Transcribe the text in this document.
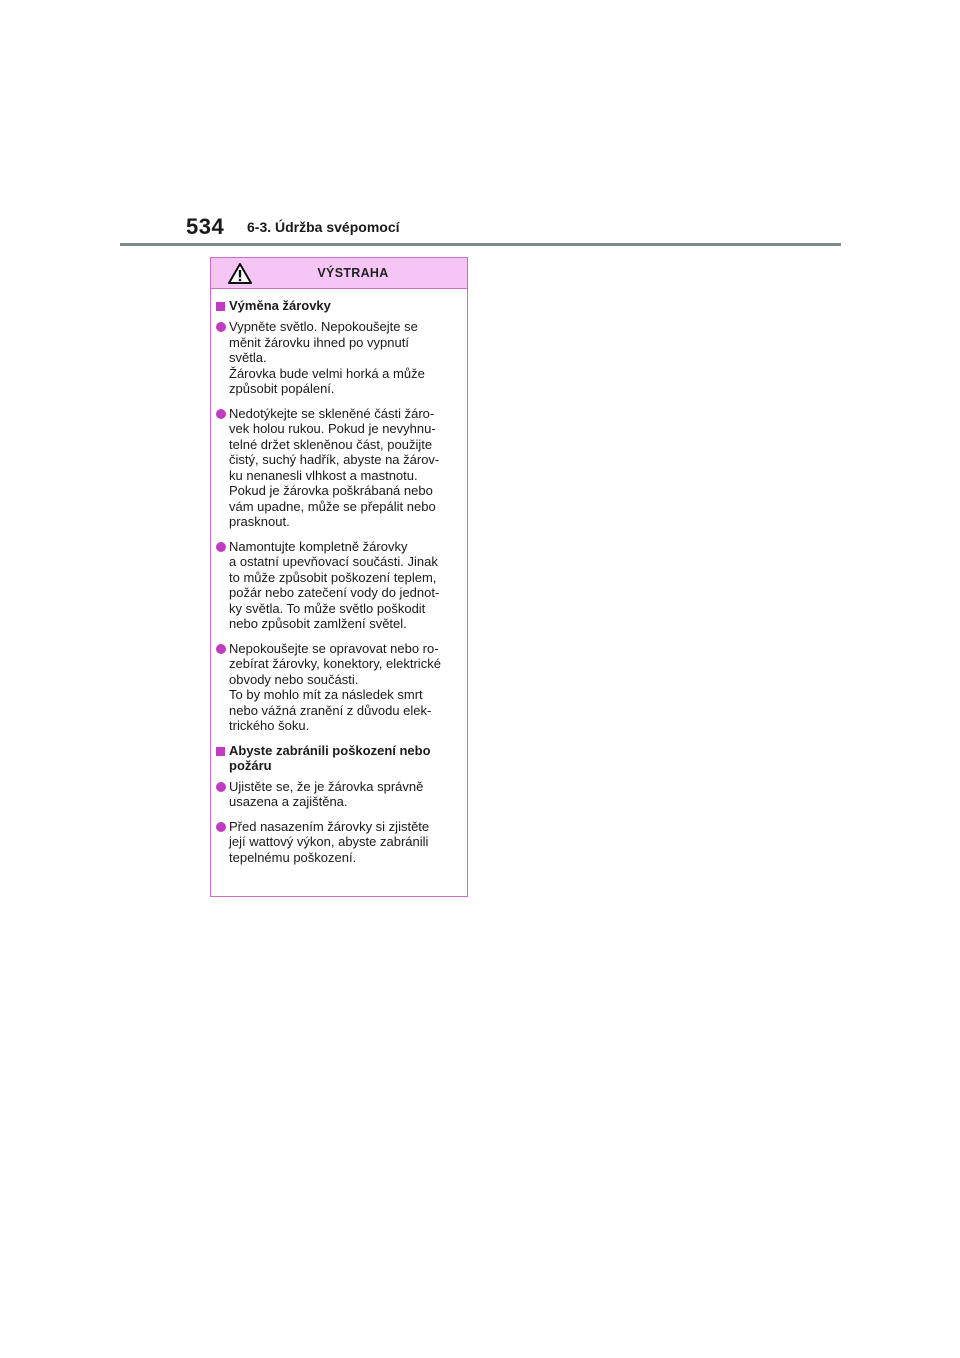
534 6-3. Údržba svépomocí
VÝSTRAHA
Výměna žárovky
Vypněte světlo. Nepokoušejte se
měnit žárovku ihned po vypnutí
světla.
Žárovka bude velmi horká a může
způsobit popálení.
Nedotýkejte se skleněné části žáro-
vek holou rukou. Pokud je nevyhnu-
telné držet skleněnou část, použijte
čistý, suchý hadřík, abyste na žárov-
ku nenanesli vlhkost a mastnotu.
Pokud je žárovka poškrábaná nebo
vám upadne, může se přepálit nebo
prasknout.
Namontujte kompletně žárovky
a ostatní upevňovací součásti. Jinak
to může způsobit poškození teplem,
požár nebo zatečení vody do jednot-
ky světla. To může světlo poškodit
nebo způsobit zamlžení světel.
Nepokoušejte se opravovat nebo ro-
zebírat žárovky, konektory, elektrické
obvody nebo součásti.
To by mohlo mít za následek smrt
nebo vážná zranění z důvodu elek-
trického šoku.
Abyste zabránili poškození nebo
požáru
Ujistěte se, že je žárovka správně
usazena a zajištěna.
Před nasazením žárovky si zjistěte
její wattový výkon, abyste zabránili
tepelnému poškození.
